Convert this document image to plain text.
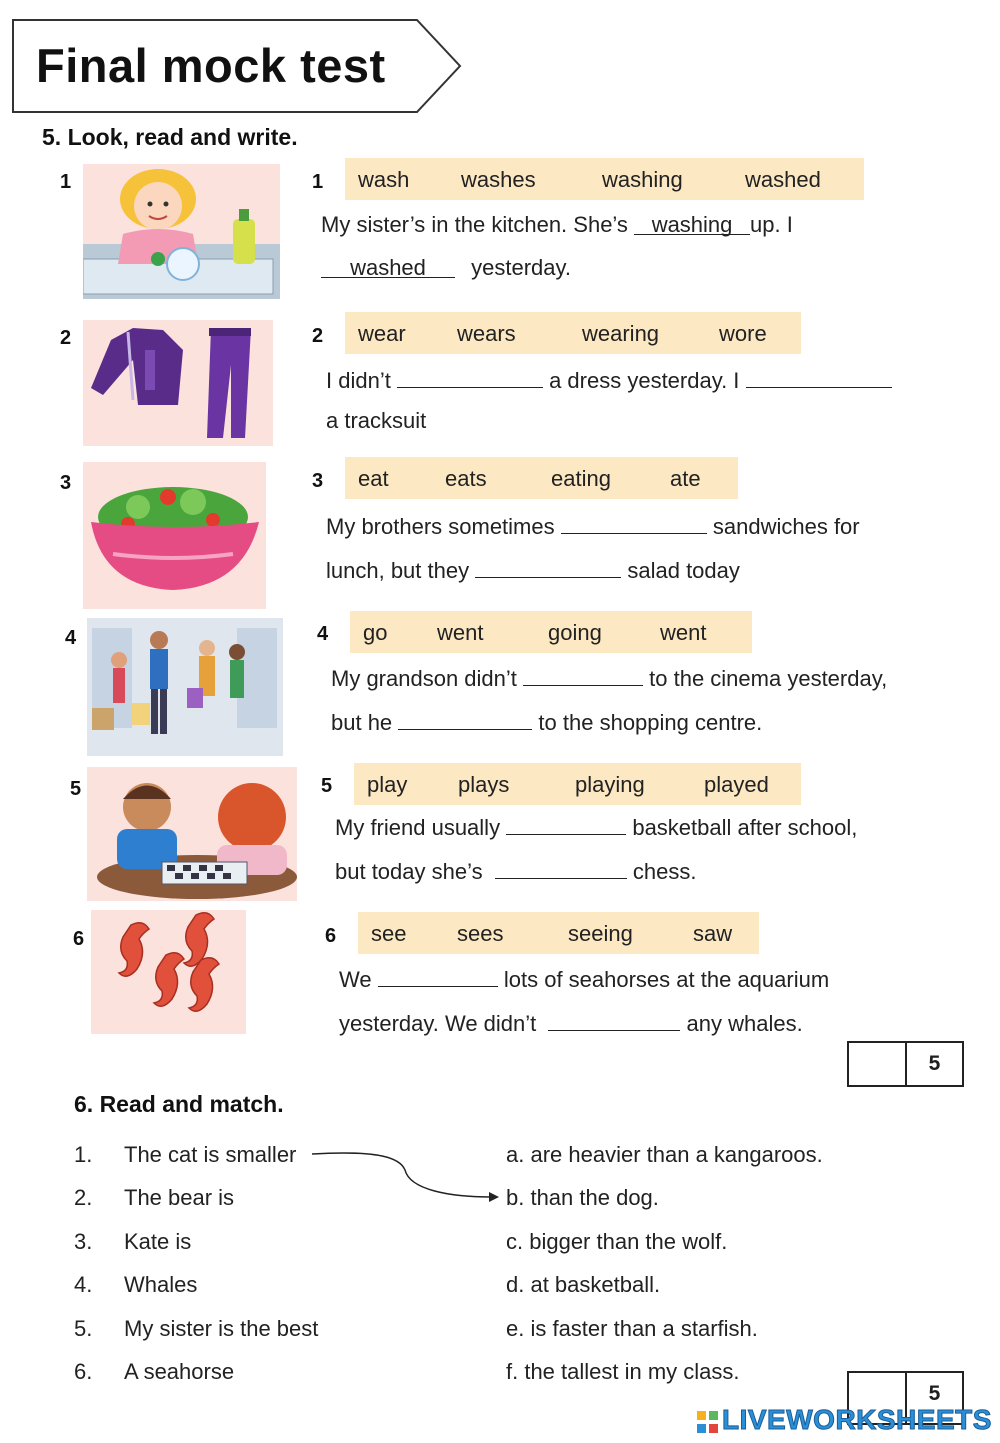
Final mock test
5. Look, read and write.
1	1 wash washes	washing	washed
My sister’s in the kitchen. She’s washing up. I
washed yesterday.
2	2 wear wears	wearing	wore
I didn’t	a dress yesterday. I
a tracksuit
3	3 eat	eats	eating	ate
My brothers sometimes	sandwiches for
lunch, but they	salad today
4	4 go went	going	went
My grandson didn’t	to the cinema yesterday,
but he	to the shopping centre.
5	5 play plays	playing	played
My friend usually	basketball after school,
but today she’s	chess.
6	6 see sees	seeing	saw
We	lots of seahorses at the aquarium
yesterday. We didn’t	any whales.
5
6. Read and match.
1. The cat is smaller
2. The bear is
3. Kate is
4. Whales
5. My sister is the best
6. A seahorse
a. are heavier than a kangaroos.
b. than the dog.
c. bigger than the wolf.
d. at basketball.
e. is faster than a starfish.
f. the tallest in my class.
5
LIVEWORKSHEETS
